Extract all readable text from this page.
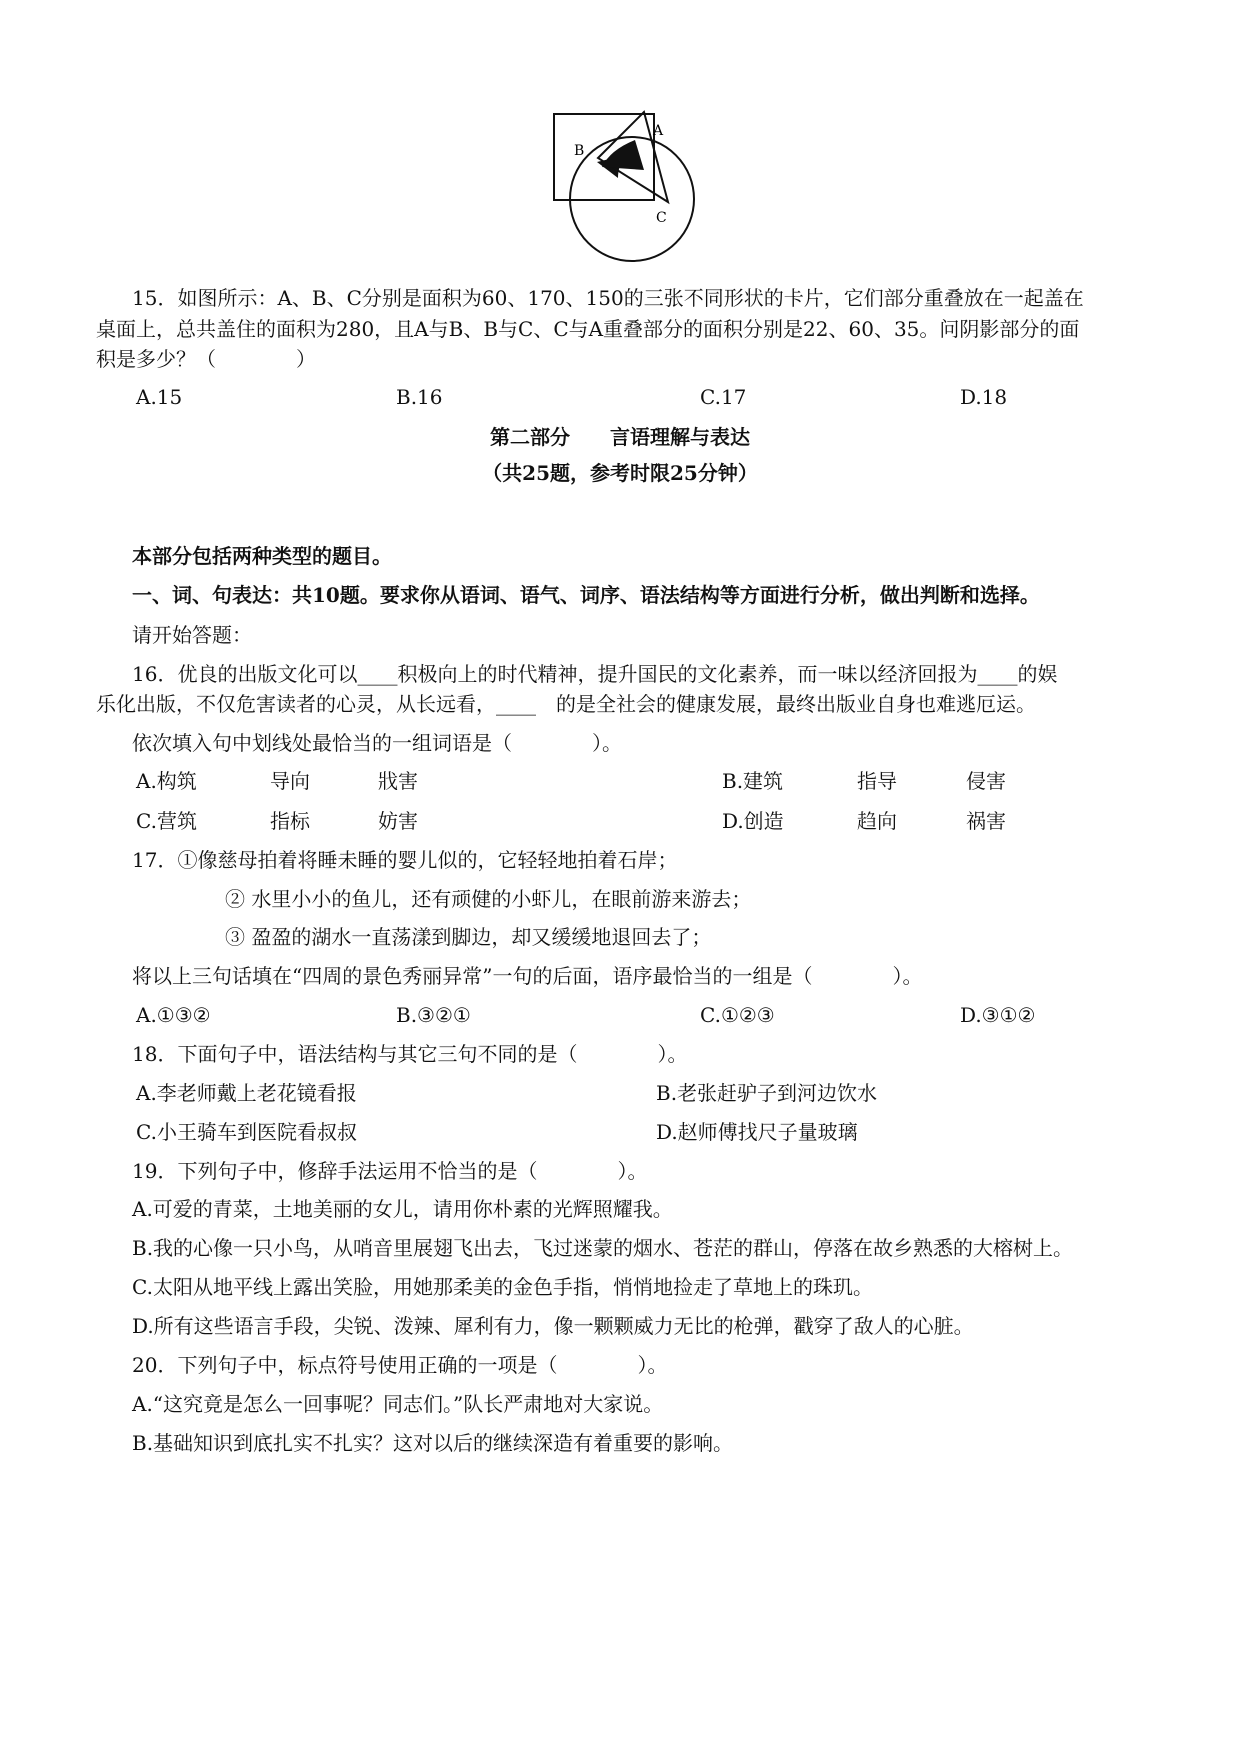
B
A
C
15．如图所示：A、B、C分别是面积为60、170、150的三张不同形状的卡片，它们部分重叠放在一起盖在
桌面上，总共盖住的面积为280，且A与B、B与C、C与A重叠部分的面积分别是22、60、35。问阴影部分的面
积是多少？（　　　　）
A.15	B.16	C.17	D.18
第二部分　　言语理解与表达
（共25题，参考时限25分钟）
本部分包括两种类型的题目。
一、词、句表达：共10题。要求你从语词、语气、词序、语法结构等方面进行分析，做出判断和选择。
请开始答题：
16．优良的出版文化可以____积极向上的时代精神，提升国民的文化素养，而一味以经济回报为____的娱
乐化出版，不仅危害读者的心灵，从长远看，____　的是全社会的健康发展，最终出版业自身也难逃厄运。
依次填入句中划线处最恰当的一组词语是（　　　　）。
A.构筑	导向	戕害	B.建筑	指导	侵害
C.营筑	指标	妨害	D.创造	趋向	祸害
17．①像慈母拍着将睡未睡的婴儿似的，它轻轻地拍着石岸；
② 水里小小的鱼儿，还有顽健的小虾儿，在眼前游来游去；
③ 盈盈的湖水一直荡漾到脚边，却又缓缓地退回去了；
将以上三句话填在“四周的景色秀丽异常”一句的后面，语序最恰当的一组是（　　　　）。
A.①③②	B.③②①	C.①②③	D.③①②
18．下面句子中，语法结构与其它三句不同的是（　　　　）。
A.李老师戴上老花镜看报	B.老张赶驴子到河边饮水
C.小王骑车到医院看叔叔	D.赵师傅找尺子量玻璃
19．下列句子中，修辞手法运用不恰当的是（　　　　）。
A.可爱的青菜，土地美丽的女儿，请用你朴素的光辉照耀我。
B.我的心像一只小鸟，从哨音里展翅飞出去，飞过迷蒙的烟水、苍茫的群山，停落在故乡熟悉的大榕树上。
C.太阳从地平线上露出笑脸，用她那柔美的金色手指，悄悄地捡走了草地上的珠玑。
D.所有这些语言手段，尖锐、泼辣、犀利有力，像一颗颗威力无比的枪弹，戳穿了敌人的心脏。
20．下列句子中，标点符号使用正确的一项是（　　　　）。
A.“这究竟是怎么一回事呢？同志们。”队长严肃地对大家说。
B.基础知识到底扎实不扎实？这对以后的继续深造有着重要的影响。
